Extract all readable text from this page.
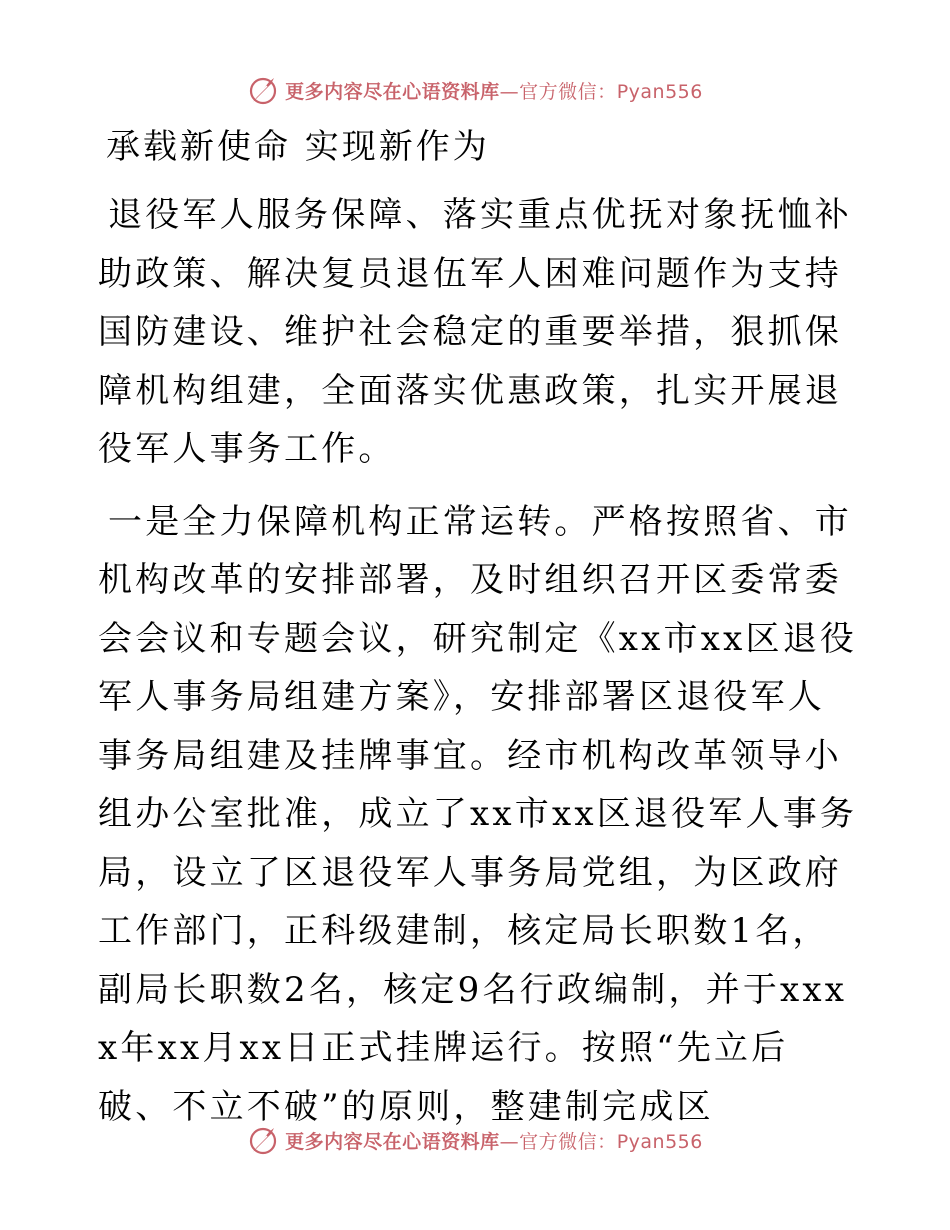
更多内容尽在心语资料库—官方微信：Pyan556
承载新使命 实现新作为

退役军人服务保障、落实重点优抚对象抚恤补助政策、解决复员退伍军人困难问题作为支持国防建设、维护社会稳定的重要举措，狠抓保障机构组建，全面落实优惠政策，扎实开展退役军人事务工作。

一是全力保障机构正常运转。严格按照省、市机构改革的安排部署，及时组织召开区委常委会会议和专题会议，研究制定《xx市xx区退役军人事务局组建方案》，安排部署区退役军人事务局组建及挂牌事宜。经市机构改革领导小组办公室批准，成立了xx市xx区退役军人事务局，设立了区退役军人事务局党组，为区政府工作部门，正科级建制，核定局长职数1名，副局长职数2名，核定9名行政编制，并于xxxx年xx月xx日正式挂牌运行。按照“先立后破、不立不破”的原则，整建制完成区

更多内容尽在心语资料库—官方微信：Pyan556
